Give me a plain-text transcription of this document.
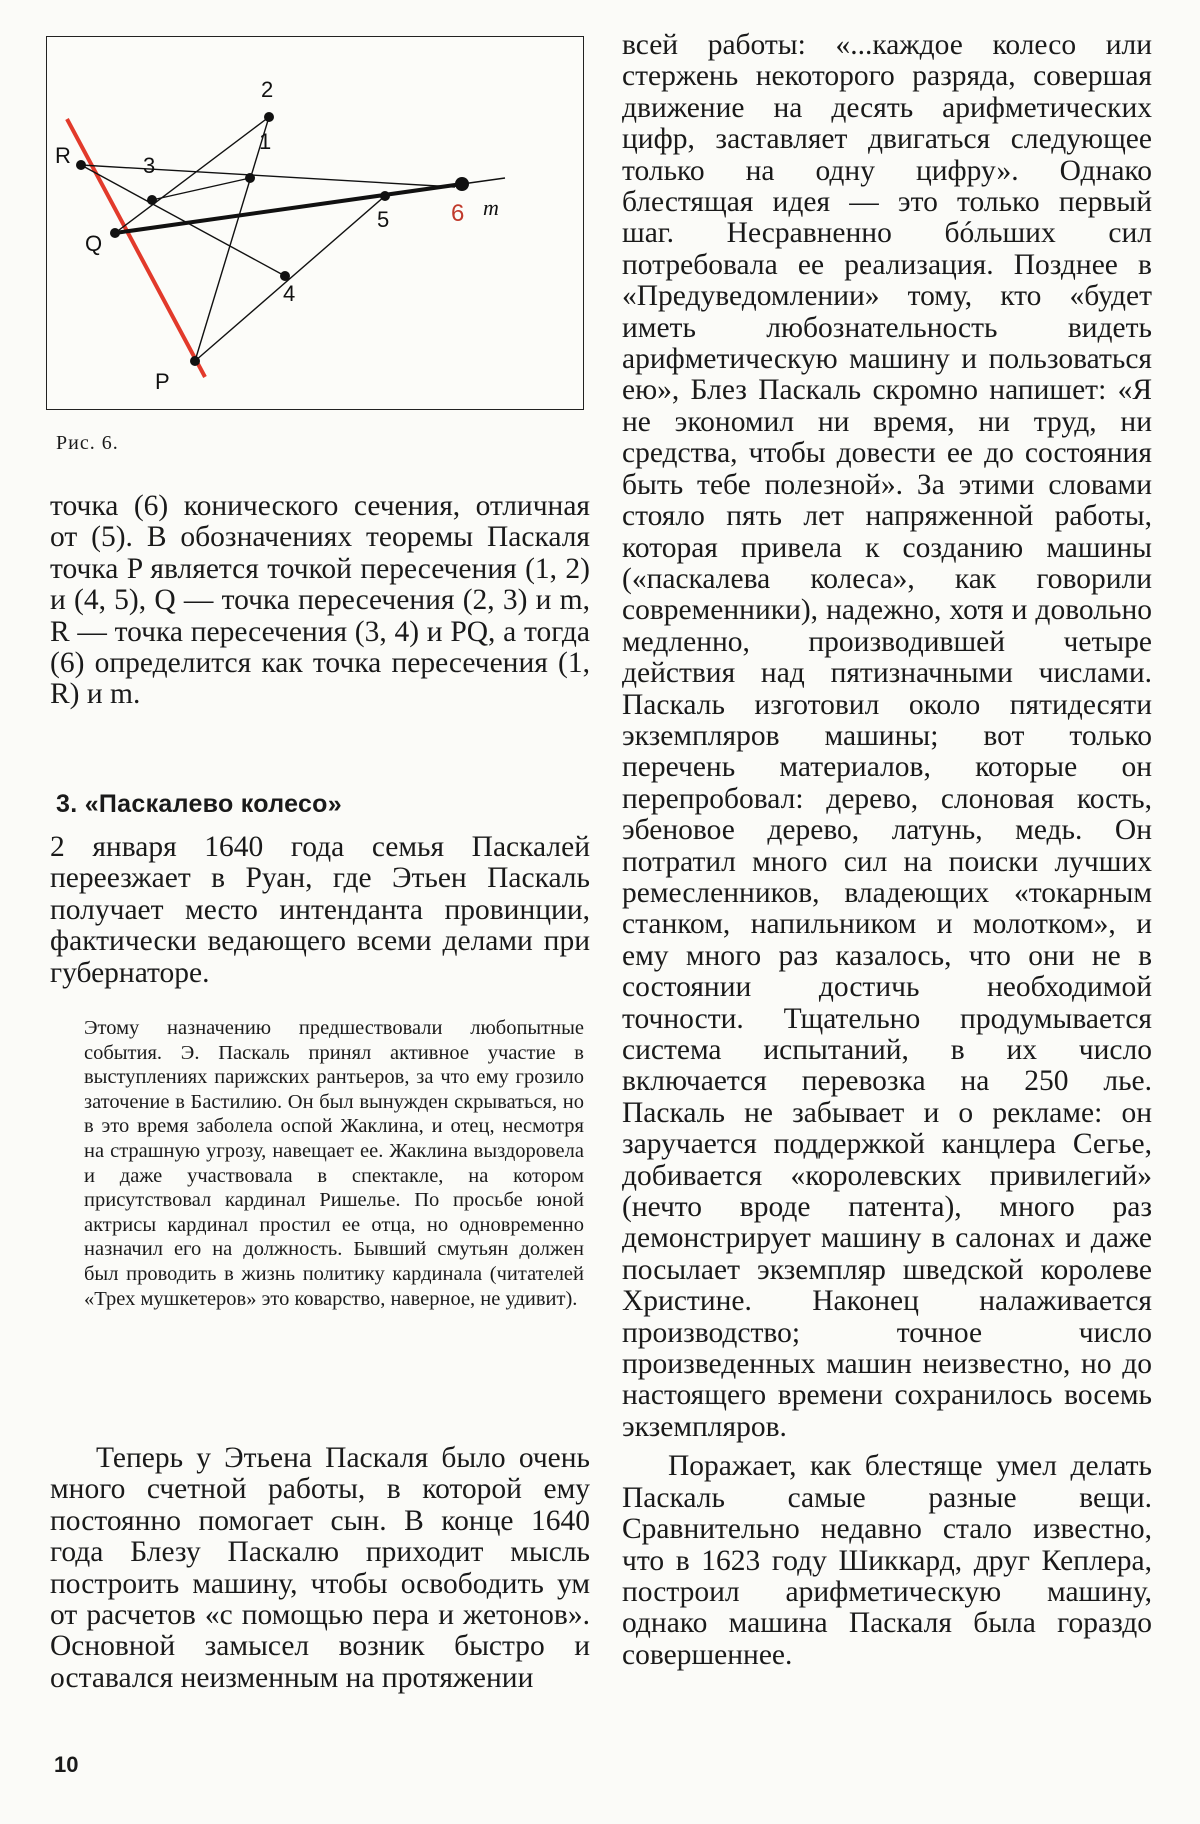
2
1
3
R
Q
P
4
5	6 m
Рис. 6.

точка (6) конического сечения, отличная от (5). В обозначениях теоремы Паскаля точка P является точкой пересечения (1, 2) и (4, 5), Q — точка пересечения (2, 3) и m, R — точка пересечения (3, 4) и PQ, а тогда (6) определится как точка пересечения (1, R) и m.

3. «Паскалево колесо»

2 января 1640 года семья Паскалей переезжает в Руан, где Этьен Паскаль получает место интенданта провинции, фактически ведающего всеми делами при губернаторе.

Этому назначению предшествовали любопытные события. Э. Паскаль принял активное участие в выступлениях парижских рантьеров, за что ему грозило заточение в Бастилию. Он был вынужден скрываться, но в это время заболела оспой Жаклина, и отец, несмотря на страшную угрозу, навещает ее. Жаклина выздоровела и даже участвовала в спектакле, на котором присутствовал кардинал Ришелье. По просьбе юной актрисы кардинал простил ее отца, но одновременно назначил его на должность. Бывший смутьян должен был проводить в жизнь политику кардинала (читателей «Трех мушкетеров» это коварство, наверное, не удивит).

Теперь у Этьена Паскаля было очень много счетной работы, в которой ему постоянно помогает сын. В конце 1640 года Блезу Паскалю приходит мысль построить машину, чтобы освободить ум от расчетов «с помощью пера и жетонов». Основной замысел возник быстро и оставался неизменным на протяжении

всей работы: «...каждое колесо или стержень некоторого разряда, совершая движение на десять арифметических цифр, заставляет двигаться следующее только на одну цифру». Однако блестящая идея — это только первый шаг. Несравненно бóльших сил потребовала ее реализация. Позднее в «Предуведомлении» тому, кто «будет иметь любознательность видеть арифметическую машину и пользоваться ею», Блез Паскаль скромно напишет: «Я не экономил ни время, ни труд, ни средства, чтобы довести ее до состояния быть тебе полезной». За этими словами стояло пять лет напряженной работы, которая привела к созданию машины («паскалева колеса», как говорили современники), надежно, хотя и довольно медленно, производившей четыре действия над пятизначными числами. Паскаль изготовил около пятидесяти экземпляров машины; вот только перечень материалов, которые он перепробовал: дерево, слоновая кость, эбеновое дерево, латунь, медь. Он потратил много сил на поиски лучших ремесленников, владеющих «токарным станком, напильником и молотком», и ему много раз казалось, что они не в состоянии достичь необходимой точности. Тщательно продумывается система испытаний, в их число включается перевозка на 250 лье. Паскаль не забывает и о рекламе: он заручается поддержкой канцлера Сегье, добивается «королевских привилегий» (нечто вроде патента), много раз демонстрирует машину в салонах и даже посылает экземпляр шведской королеве Христине. Наконец налаживается производство; точное число произведенных машин неизвестно, но до настоящего времени сохранилось восемь экземпляров.

Поражает, как блестяще умел делать Паскаль самые разные вещи. Сравнительно недавно стало известно, что в 1623 году Шиккард, друг Кеплера, построил арифметическую машину, однако машина Паскаля была гораздо совершеннее.

10
